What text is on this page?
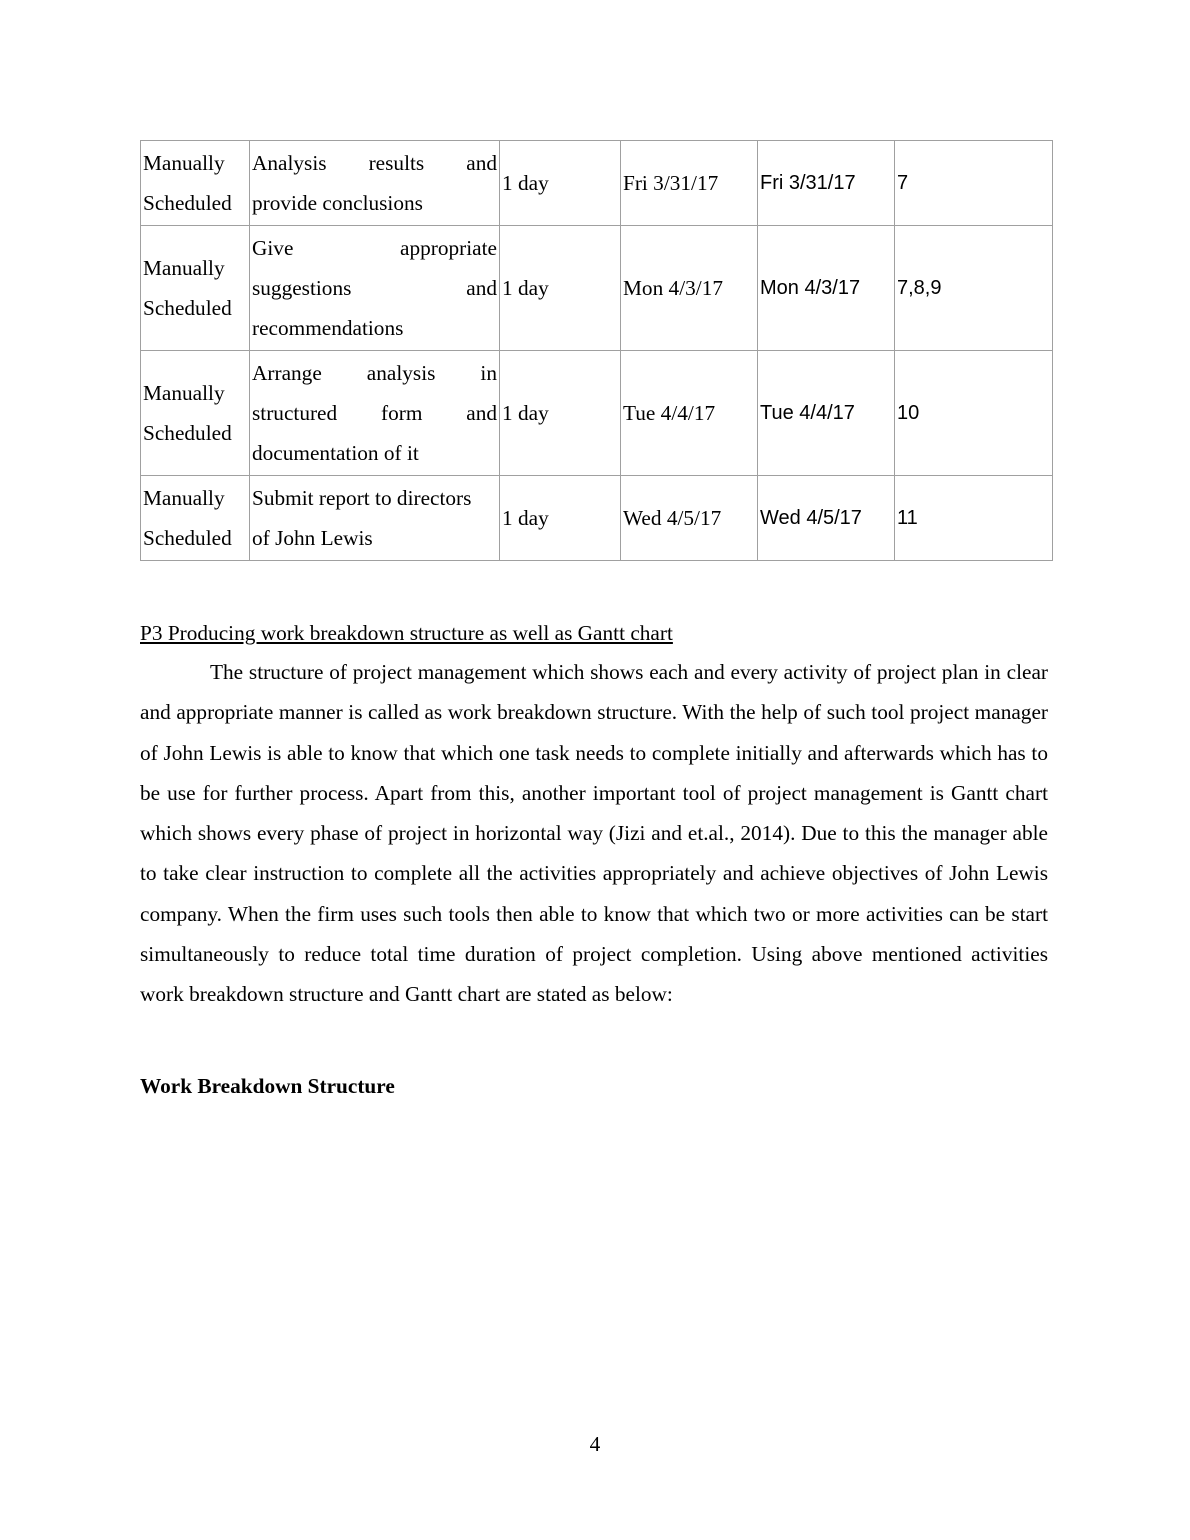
Manually
Scheduled	Analysis results and
provide conclusions	1 day	Fri 3/31/17	Fri 3/31/17	7

Manually
Scheduled	Give appropriate
suggestions and
recommendations	1 day	Mon 4/3/17	Mon 4/3/17	7,8,9

Manually
Scheduled	Arrange analysis in
structured form and
documentation of it	1 day	Tue 4/4/17	Tue 4/4/17	10

Manually
Scheduled	Submit report to directors
of John Lewis	1 day	Wed 4/5/17	Wed 4/5/17	11
P3 Producing work breakdown structure as well as Gantt chart

The structure of project management which shows each and every activity of project plan in clear and appropriate manner is called as work breakdown structure. With the help of such tool project manager of John Lewis is able to know that which one task needs to complete initially and afterwards which has to be use for further process. Apart from this, another important tool of project management is Gantt chart which shows every phase of project in horizontal way (Jizi and et.al., 2014). Due to this the manager able to take clear instruction to complete all the activities appropriately and achieve objectives of John Lewis company. When the firm uses such tools then able to know that which two or more activities can be start simultaneously to reduce total time duration of project completion. Using above mentioned activities work breakdown structure and Gantt chart are stated as below:

Work Breakdown Structure
4
